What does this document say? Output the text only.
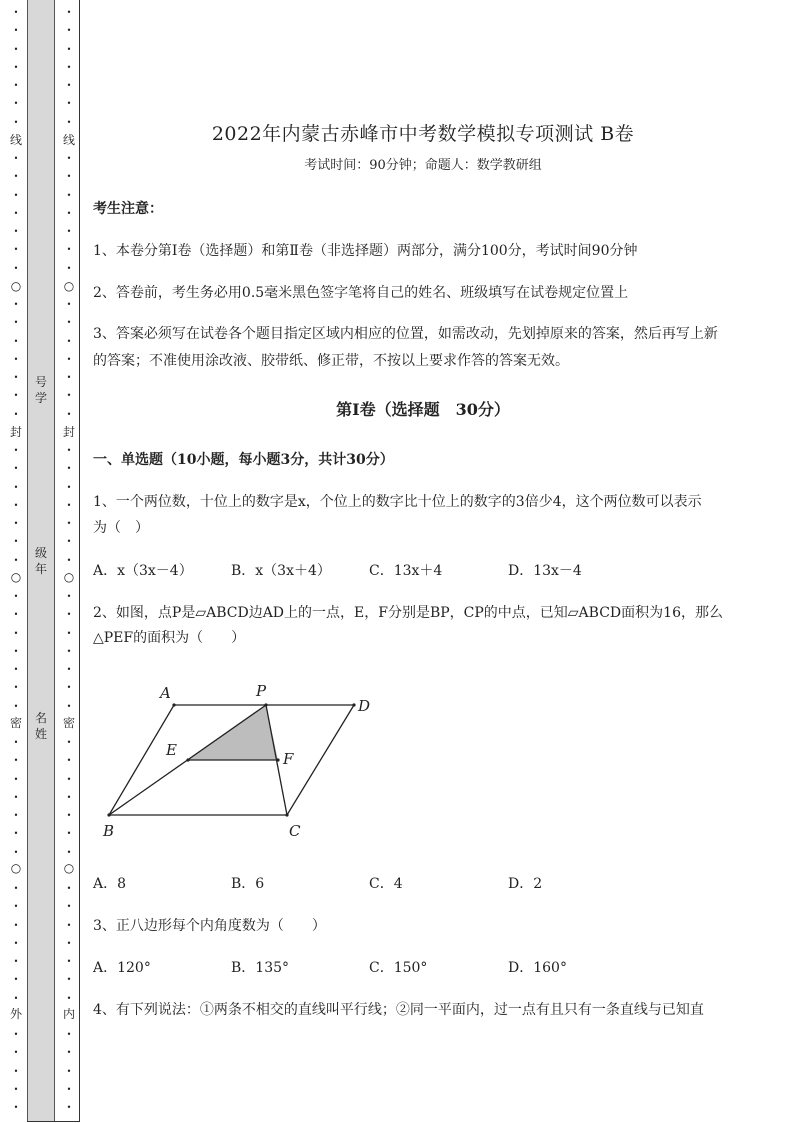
•
•
•
•
•
•
•
线
•
•
•
•
•
•
•
○
•
•
•
•
•
•
•
封
•
•
•
•
•
•
•
○
•
•
•
•
•
•
•
密
•
•
•
•
•
•
•
○
•
•
•
•
•
•
•
外
•
•
•
•
•
•
•
•
•
•
•
•
线
•
•
•
•
•
•
•
○
•
•
•
•
•
•
•
封
•
•
•
•
•
•
•
○
•
•
•
•
•
•
•
密
•
•
•
•
•
•
•
○
•
•
•
•
•
•
•
内
•
•
•
•
•
号
学
级
年
名
姓
2022年内蒙古赤峰市中考数学模拟专项测试 B卷
考试时间：90分钟；命题人：数学教研组
考生注意：
1、本卷分第Ⅰ卷（选择题）和第Ⅱ卷（非选择题）两部分，满分100分，考试时间90分钟
2、答卷前，考生务必用0.5毫米黑色签字笔将自己的姓名、班级填写在试卷规定位置上
3、答案必须写在试卷各个题目指定区域内相应的位置，如需改动，先划掉原来的答案，然后再写上新
的答案；不准使用涂改液、胶带纸、修正带，不按以上要求作答的答案无效。
第Ⅰ卷（选择题　30分）
一、单选题（10小题，每小题3分，共计30分）
1、一个两位数，十位上的数字是x，个位上的数字比十位上的数字的3倍少4，这个两位数可以表示
为（　）
A．x（3x－4）	B．x（3x＋4）	C．13x＋4	D．13x－4
2、如图，点P是▱ABCD边AD上的一点，E，F分别是BP，CP的中点，已知▱ABCD面积为16，那么
△PEF的面积为（　　）
A	P
D
E	F
B	C
A．8	B．6	C．4	D．2
3、正八边形每个内角度数为（　　）
A．120°	B．135°	C．150°	D．160°
4、有下列说法：①两条不相交的直线叫平行线；②同一平面内，过一点有且只有一条直线与已知直
